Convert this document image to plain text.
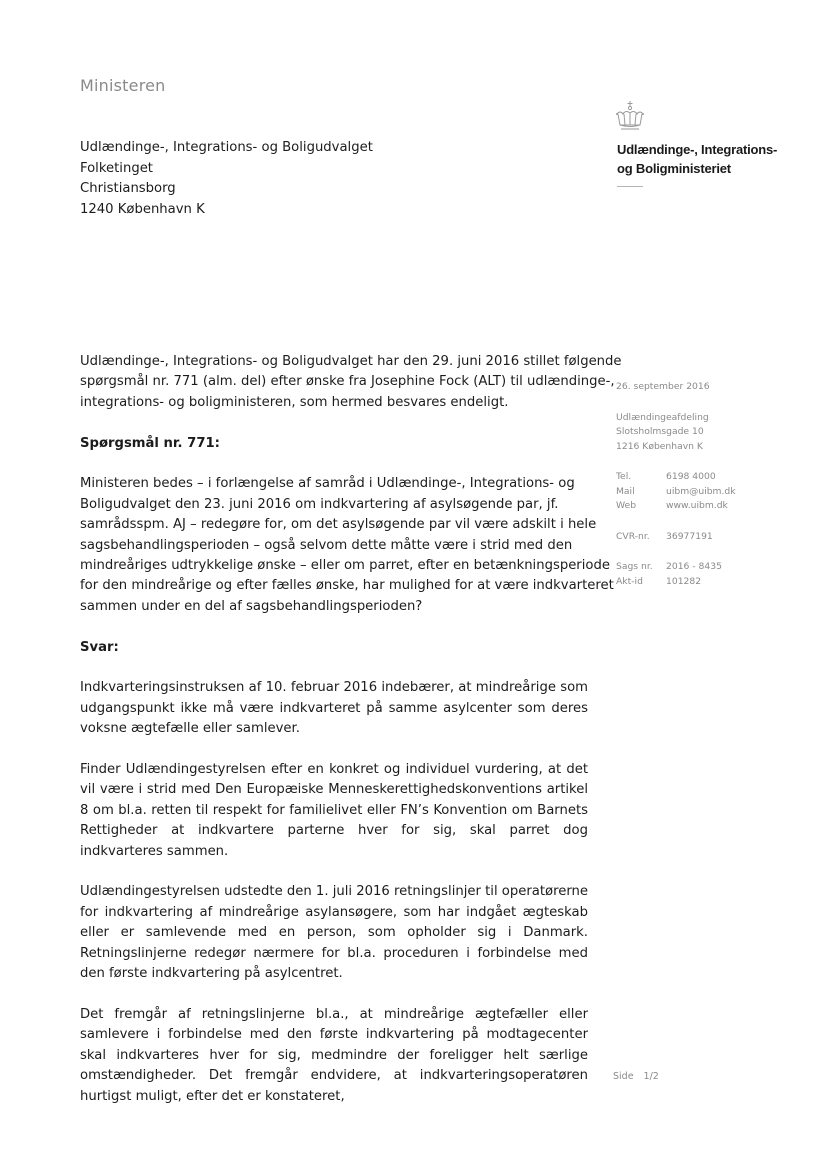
Ministeren
Udlændinge-, Integrations- og Boligudvalget
Folketinget
Christiansborg
1240 København K
Udlændinge-, Integrations-
og Boligministeriet
26. september 2016
Udlændingeafdeling
Slotsholmsgade 10
1216 København K
Tel.	6198 4000
Mail	uibm@uibm.dk
Web	www.uibm.dk
CVR-nr.	36977191
Sags nr.	2016 - 8435
Akt-id	101282

Udlændinge-, Integrations- og Boligudvalget har den 29. juni 2016 stillet følgende
spørgsmål nr. 771 (alm. del) efter ønske fra Josephine Fock (ALT) til udlændinge-,
integrations- og boligministeren, som hermed besvares endeligt.

Spørgsmål nr. 771:

Ministeren bedes – i forlængelse af samråd i Udlændinge-, Integrations- og
Boligudvalget den 23. juni 2016 om indkvartering af asylsøgende par, jf.
samrådsspm. AJ – redegøre for, om det asylsøgende par vil være adskilt i hele
sagsbehandlingsperioden – også selvom dette måtte være i strid med den
mindreåriges udtrykkelige ønske – eller om parret, efter en betænkningsperiode
for den mindreårige og efter fælles ønske, har mulighed for at være indkvarteret
sammen under en del af sagsbehandlingsperioden?

Svar:

Indkvarteringsinstruksen af 10. februar 2016 indebærer, at mindreårige som udgangspunkt ikke må være indkvarteret på samme asylcenter som deres voksne ægtefælle eller samlever.

Finder Udlændingestyrelsen efter en konkret og individuel vurdering, at det vil være i strid med Den Europæiske Menneskerettighedskonventions artikel 8 om bl.a. retten til respekt for familielivet eller FN’s Konvention om Barnets Rettigheder at indkvartere parterne hver for sig, skal parret dog indkvarteres sammen.

Udlændingestyrelsen udstedte den 1. juli 2016 retningslinjer til operatørerne for indkvartering af mindreårige asylansøgere, som har indgået ægteskab eller er samlevende med en person, som opholder sig i Danmark. Retningslinjerne redegør nærmere for bl.a. proceduren i forbindelse med den første indkvartering på asylcentret.

Det fremgår af retningslinjerne bl.a., at mindreårige ægtefæller eller samlevere i forbindelse med den første indkvartering på modtagecenter skal indkvarteres hver for sig, medmindre der foreligger helt særlige omstændigheder. Det fremgår endvidere, at indkvarteringsoperatøren hurtigst muligt, efter det er konstateret,

Side 1/2
